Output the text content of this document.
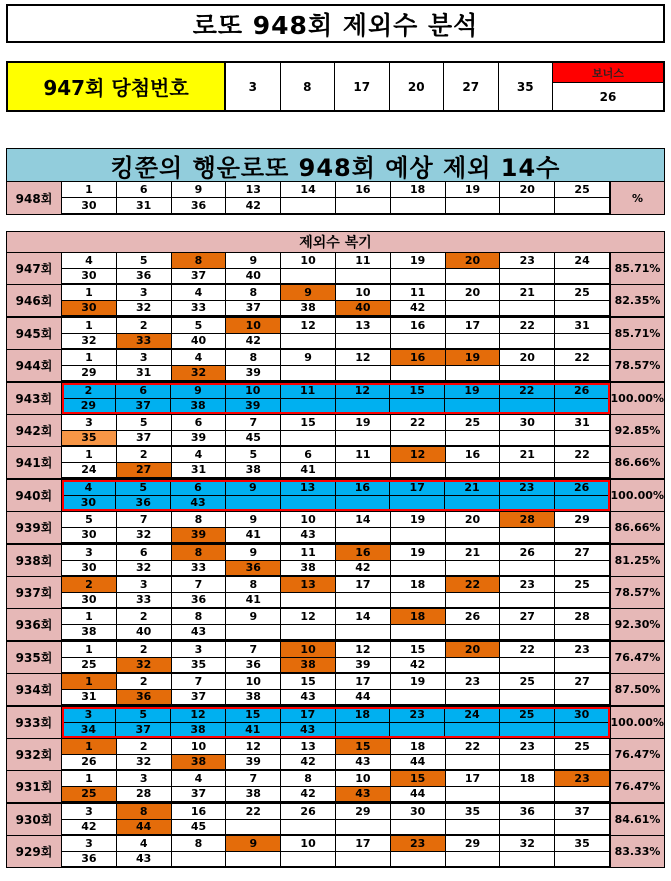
로또 948회 제외수 분석
947회 당첨번호	3	8	17	20	27	35
보너스
26
킹쭌의 행운로또 948회 예상 제외 14수
948회
1	6	9	13	14	16	18	19	20	25
30	31	36	42
%
제외수 복기
947회
4	5	8	9	10	11	19	20	23	24
30	36	37	40
85.71%
946회
1	3	4	8	9	10	11	20	21	25
30	32	33	37	38	40	42
82.35%
945회
1	2	5	10	12	13	16	17	22	31
32	33	40	42
85.71%
944회
1	3	4	8	9	12	16	19	20	22
29	31	32	39
78.57%
943회
2	6	9	10	11	12	15	19	22	26
29	37	38	39
100.00%
942회
3	5	6	7	15	19	22	25	30	31
35	37	39	45
92.85%
941회
1	2	4	5	6	11	12	16	21	22
24	27	31	38	41
86.66%
940회
4	5	6	9	13	16	17	21	23	26
30	36	43
100.00%
939회
5	7	8	9	10	14	19	20	28	29
30	32	39	41	43
86.66%
938회
3	6	8	9	11	16	19	21	26	27
30	32	33	36	38	42
81.25%
937회
2	3	7	8	13	17	18	22	23	25
30	33	36	41
78.57%
936회
1	2	8	9	12	14	18	26	27	28
38	40	43
92.30%
935회
1	2	3	7	10	12	15	20	22	23
25	32	35	36	38	39	42
76.47%
934회
1	2	7	10	15	17	19	23	25	27
31	36	37	38	43	44
87.50%
933회
3	5	12	15	17	18	23	24	25	30
34	37	38	41	43
100.00%
932회
1	2	10	12	13	15	18	22	23	25
26	32	38	39	42	43	44
76.47%
931회
1	3	4	7	8	10	15	17	18	23
25	28	37	38	42	43	44
76.47%
930회
3	8	16	22	26	29	30	35	36	37
42	44	45
84.61%
929회
3	4	8	9	10	17	23	29	32	35
36	43
83.33%
